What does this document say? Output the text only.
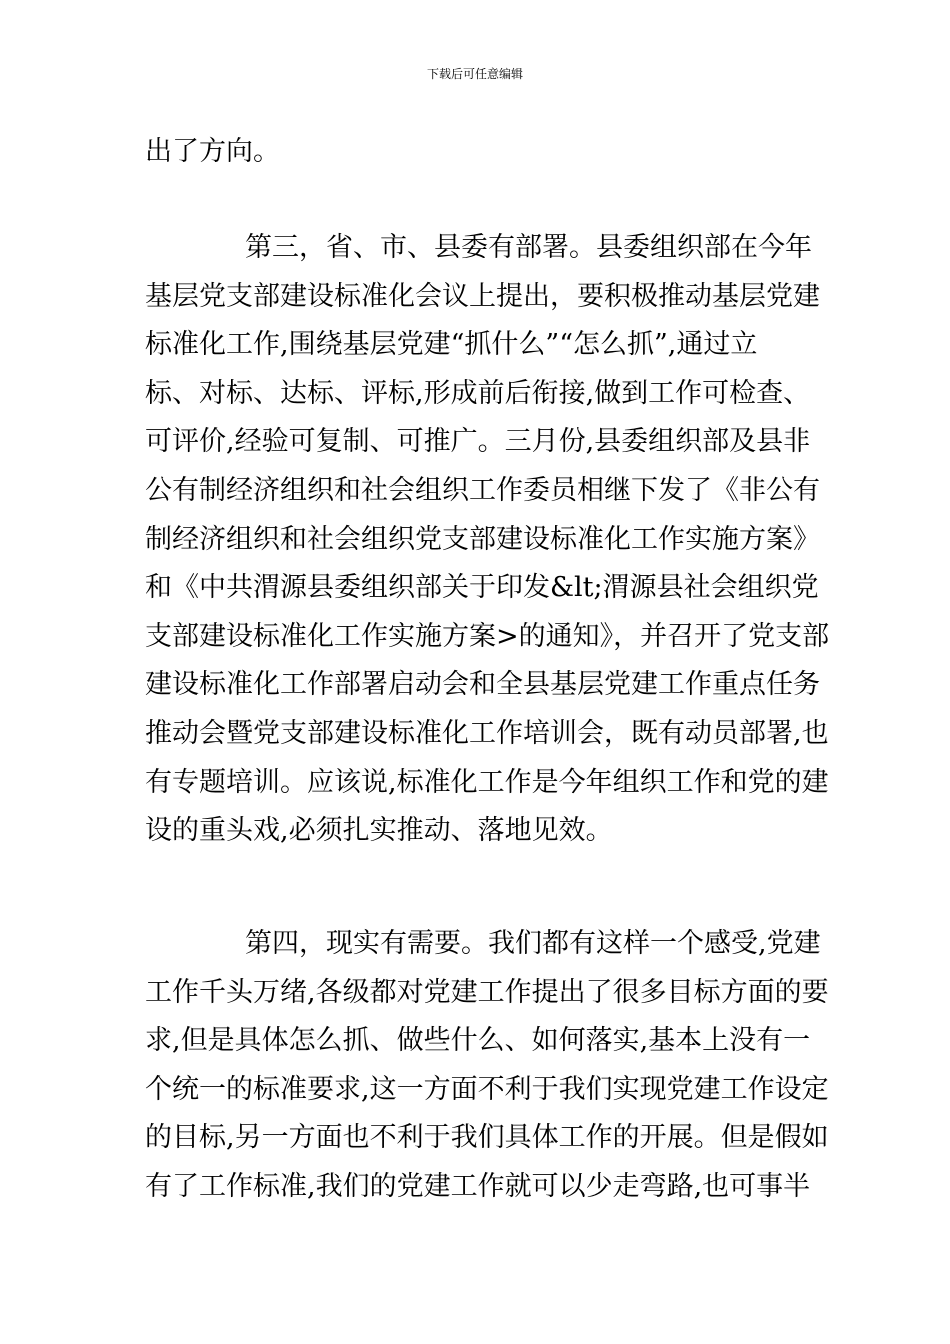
下载后可任意编辑
出了方向。
第三，省、市、县委有部署。县委组织部在今年
基层党支部建设标准化会议上提出，要积极推动基层党建
标准化工作,围绕基层党建“抓什么”“怎么抓”,通过立
标、对标、达标、评标,形成前后衔接,做到工作可检查、
可评价,经验可复制、可推广。三月份,县委组织部及县非
公有制经济组织和社会组织工作委员相继下发了《非公有
制经济组织和社会组织党支部建设标准化工作实施方案》
和《中共渭源县委组织部关于印发&lt;渭源县社会组织党
支部建设标准化工作实施方案>的通知》，并召开了党支部
建设标准化工作部署启动会和全县基层党建工作重点任务
推动会暨党支部建设标准化工作培训会，既有动员部署,也
有专题培训。应该说,标准化工作是今年组织工作和党的建
设的重头戏,必须扎实推动、落地见效。
第四，现实有需要。我们都有这样一个感受,党建
工作千头万绪,各级都对党建工作提出了很多目标方面的要
求,但是具体怎么抓、做些什么、如何落实,基本上没有一
个统一的标准要求,这一方面不利于我们实现党建工作设定
的目标,另一方面也不利于我们具体工作的开展。但是假如
有了工作标准,我们的党建工作就可以少走弯路,也可事半
